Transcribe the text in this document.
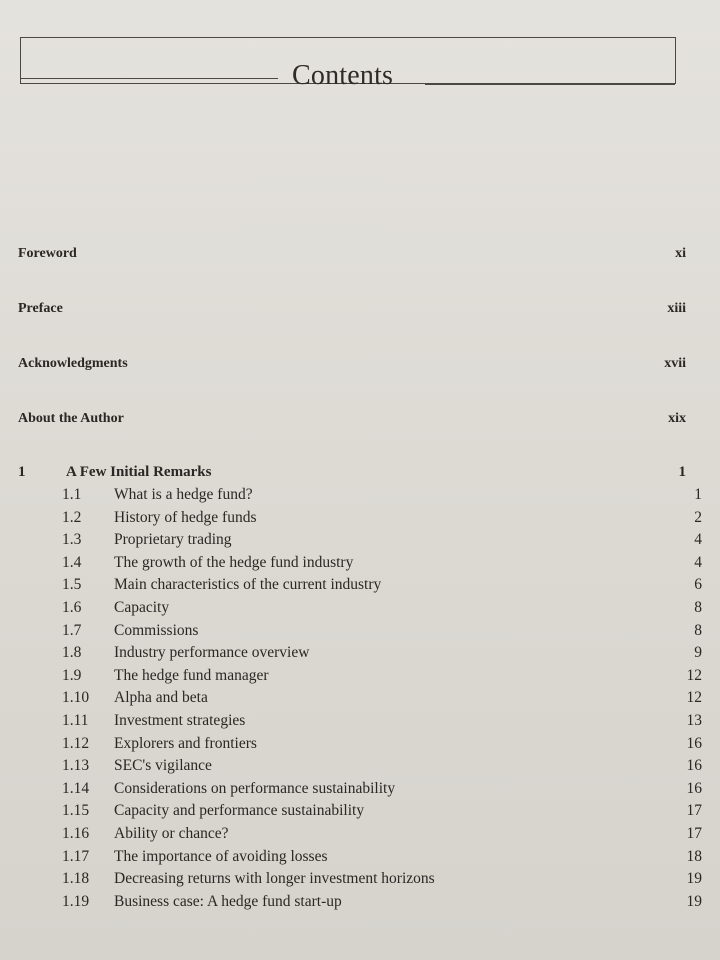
Contents
Foreword	xi
Preface	xiii
Acknowledgments	xvii
About the Author	xix
1	A Few Initial Remarks	1
1.1	What is a hedge fund?	1
1.2	History of hedge funds	2
1.3	Proprietary trading	4
1.4	The growth of the hedge fund industry	4
1.5	Main characteristics of the current industry	6
1.6	Capacity	8
1.7	Commissions	8
1.8	Industry performance overview	9
1.9	The hedge fund manager	12
1.10	Alpha and beta	12
1.11	Investment strategies	13
1.12	Explorers and frontiers	16
1.13	SEC's vigilance	16
1.14	Considerations on performance sustainability	16
1.15	Capacity and performance sustainability	17
1.16	Ability or chance?	17
1.17	The importance of avoiding losses	18
1.18	Decreasing returns with longer investment horizons	19
1.19	Business case: A hedge fund start-up	19
